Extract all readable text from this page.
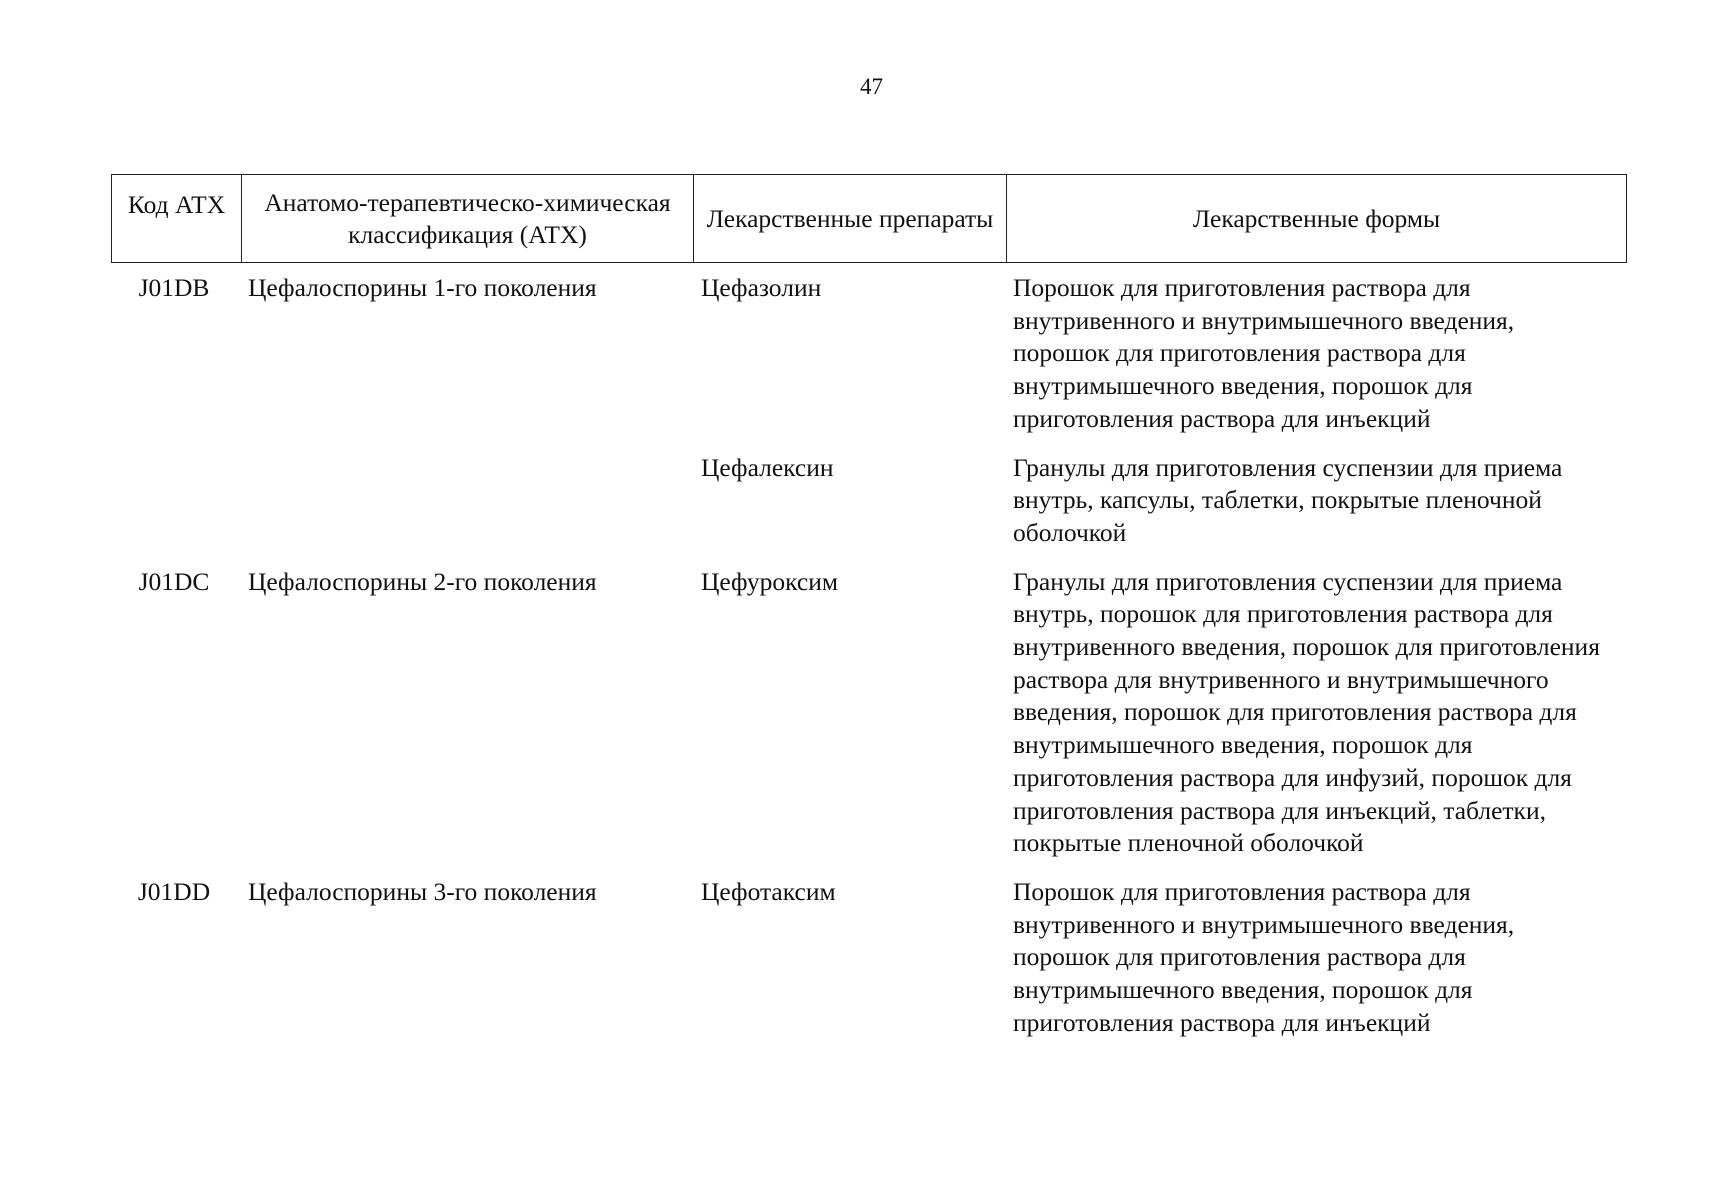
47
Код АТХ	Анатомо-терапевтическо-химическая классификация (АТХ)	Лекарственные препараты	Лекарственные формы
J01DB	Цефалоспорины 1-го поколения	Цефазолин	Порошок для приготовления раствора для внутривенного и внутримышечного введения, порошок для приготовления раствора для внутримышечного введения, порошок для приготовления раствора для инъекций
		Цефалексин	Гранулы для приготовления суспензии для приема внутрь, капсулы, таблетки, покрытые пленочной оболочкой
J01DC	Цефалоспорины 2-го поколения	Цефуроксим	Гранулы для приготовления суспензии для приема внутрь, порошок для приготовления раствора для внутривенного введения, порошок для приготовления раствора для внутривенного и внутримышечного введения, порошок для приготовления раствора для внутримышечного введения, порошок для приготовления раствора для инфузий, порошок для приготовления раствора для инъекций, таблетки, покрытые пленочной оболочкой
J01DD	Цефалоспорины 3-го поколения	Цефотаксим	Порошок для приготовления раствора для внутривенного и внутримышечного введения, порошок для приготовления раствора для внутримышечного введения, порошок для приготовления раствора для инъекций
